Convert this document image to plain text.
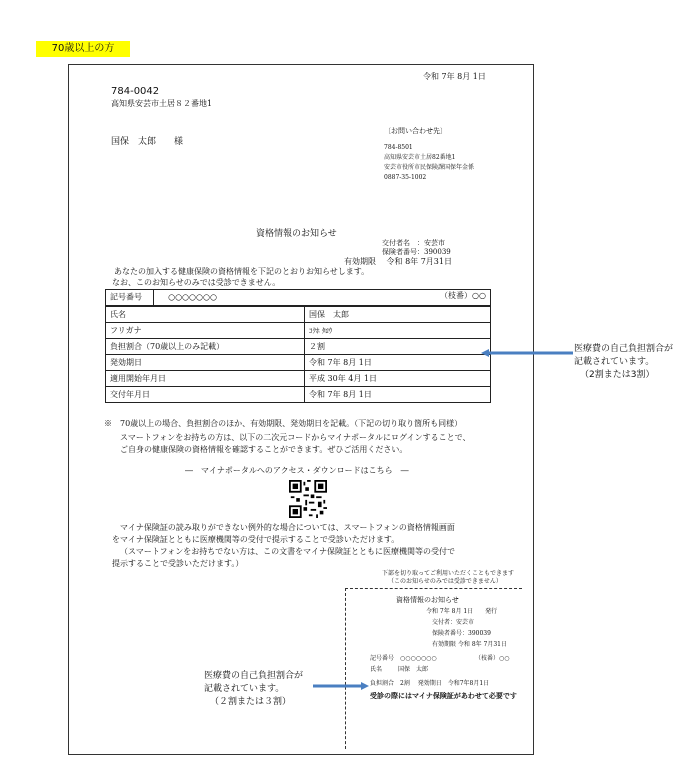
70歳以上の方
令和 7年 8月 1日
784-0042
高知県安芸市土居８２番地1
国保　太郎　　様
〔お問い合わせ先〕
784-8501
高知県安芸市土居82番地1
安芸市役所市民保険課国保年金係
0887-35-1002
資格情報のお知らせ
交付者名　：安芸市
保険者番号：390039
有効期限　 令和 8年 7月31日
　あなたの加入する健康保険の資格情報を下記のとおりお知らせします。
なお、このお知らせのみでは受診できません。
記号番号 ○○○○○○○ （枝番）○○	

氏名	国保　太郎
フリガナ	ｺｸﾎ ﾀﾛｳ
負担割合（70歳以上のみ記載）	２割
発効期日	令和 7年 8月 1日
適用開始年月日	平成 30年 4月 1日
交付年月日	令和 7年 8月 1日
※　70歳以上の場合、負担割合のほか、有効期限、発効期日を記載。（下記の切り取り箇所も同様）
　スマートフォンをお持ちの方は、以下の二次元コードからマイナポータルにログインすることで、
　ご自身の健康保険の資格情報を確認することができます。ぜひご活用ください。
―　マイナポータルへのアクセス・ダウンロードはこちら　―
マイナ保険証の読み取りができない例外的な場合については、スマートフォンの資格情報画面
をマイナ保険証とともに医療機関等の受付で提示することで受診いただけます。
（スマートフォンをお持ちでない方は、この文書をマイナ保険証とともに医療機関等の受付で
提示することで受診いただけます。）
下部を切り取ってご利用いただくこともできます
（このお知らせのみでは受診できません）
資格情報のお知らせ
令和 7年 8月 1日　　発行
交付者：安芸市
保険者番号：390039
有効期限 令和 8年 7月31日
記号番号　○○○○○○○	（枝番）○○
氏名	国保　太郎
負担割合　2割　 発効期日　令和7年8月1日
受診の際にはマイナ保険証があわせて必要です
医療費の自己負担割合が
記載されています。
（2割または3割）
医療費の自己負担割合が
記載されています。
（２割または３割）
